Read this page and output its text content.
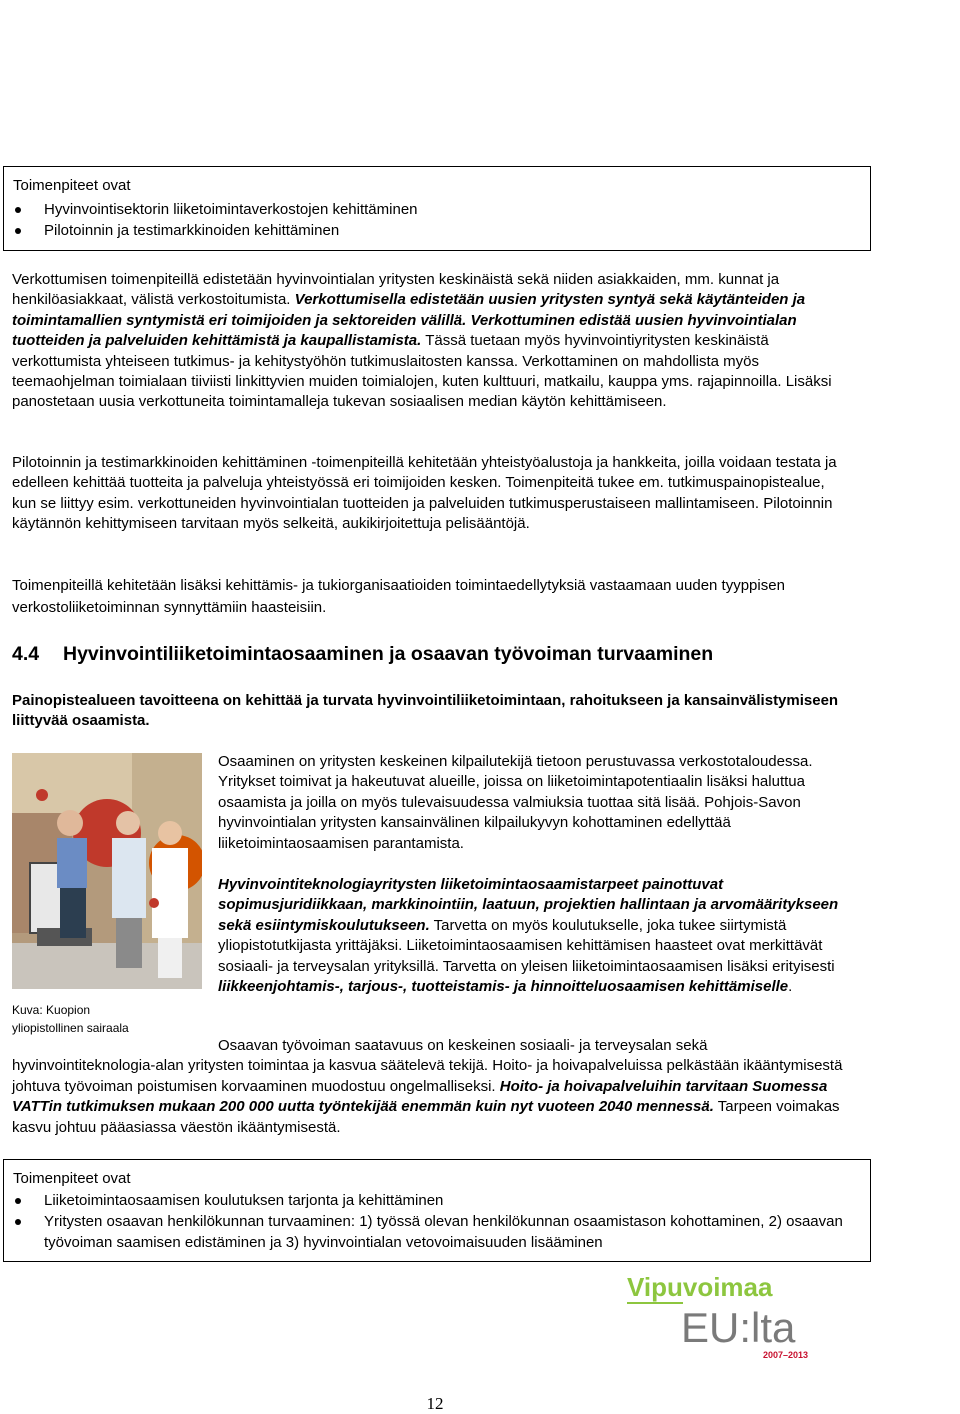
Toimenpiteet ovat
Hyvinvointisektorin liiketoimintaverkostojen kehittäminen
Pilotoinnin ja testimarkkinoiden kehittäminen
Verkottumisen toimenpiteillä edistetään hyvinvointialan yritysten keskinäistä sekä niiden asiakkaiden, mm. kunnat ja henkilöasiakkaat, välistä verkostoitumista. Verkottumisella edistetään uusien yritysten syntyä sekä käytänteiden ja toimintamallien syntymistä eri toimijoiden ja sektoreiden välillä. Verkottuminen edistää uusien hyvinvointialan tuotteiden ja palveluiden kehittämistä ja kaupallistamista. Tässä tuetaan myös hyvinvointiyritysten keskinäistä verkottumista yhteiseen tutkimus- ja kehitystyöhön tutkimuslaitosten kanssa. Verkottaminen on mahdollista myös teemaohjelman toimialaan tiiviisti linkittyvien muiden toimialojen, kuten kulttuuri, matkailu, kauppa yms. rajapinnoilla. Lisäksi panostetaan uusia verkottuneita toimintamalleja tukevan sosiaalisen median käytön kehittämiseen.
Pilotoinnin ja testimarkkinoiden kehittäminen -toimenpiteillä kehitetään yhteistyöalustoja ja hankkeita, joilla voidaan testata ja edelleen kehittää tuotteita ja palveluja yhteistyössä eri toimijoiden kesken. Toimenpiteitä tukee em. tutkimuspainopistealue, kun se liittyy esim. verkottuneiden hyvinvointialan tuotteiden ja palveluiden tutkimusperustaiseen mallintamiseen. Pilotoinnin käytännön kehittymiseen tarvitaan myös selkeitä, aukikirjoitettuja pelisääntöjä.
Toimenpiteillä kehitetään lisäksi kehittämis- ja tukiorganisaatioiden toimintaedellytyksiä vastaamaan uuden tyyppisen verkostoliiketoiminnan synnyttämiin haasteisiin.
4.4 Hyvinvointiliiketoimintaosaaminen ja osaavan työvoiman turvaaminen
Painopistealueen tavoitteena on kehittää ja turvata hyvinvointiliiketoimintaan, rahoitukseen ja kansainvälistymiseen liittyvää osaamista.
Kuva: Kuopion
yliopistollinen sairaala
Osaaminen on yritysten keskeinen kilpailutekijä tietoon perustuvassa verkostotaloudessa. Yritykset toimivat ja hakeutuvat alueille, joissa on liiketoimintapotentiaalin lisäksi haluttua osaamista ja joilla on myös tulevaisuudessa valmiuksia tuottaa sitä lisää. Pohjois-Savon hyvinvointialan yritysten kansainvälinen kilpailukyvyn kohottaminen edellyttää liiketoimintaosaamisen parantamista.
Hyvinvointiteknologiayritysten liiketoimintaosaamistarpeet painottuvat sopimusjuridiikkaan, markkinointiin, laatuun, projektien hallintaan ja arvomääritykseen sekä esiintymiskoulutukseen. Tarvetta on myös koulutukselle, joka tukee siirtymistä yliopistotutkijasta yrittäjäksi. Liiketoimintaosaamisen kehittämisen haasteet ovat merkittävät sosiaali- ja terveysalan yrityksillä. Tarvetta on yleisen liiketoimintaosaamisen lisäksi erityisesti liikkeenjohtamis-, tarjous-, tuotteistamis- ja hinnoitteluosaamisen kehittämiselle.
Osaavan työvoiman saatavuus on keskeinen sosiaali- ja terveysalan sekä hyvinvointiteknologia-alan yritysten toimintaa ja kasvua säätelevä tekijä. Hoito- ja hoivapalveluissa pelkästään ikääntymisestä johtuva työvoiman poistumisen korvaaminen muodostuu ongelmalliseksi. Hoito- ja hoivapalveluihin tarvitaan Suomessa VATTin tutkimuksen mukaan 200 000 uutta työntekijää enemmän kuin nyt vuoteen 2040 mennessä. Tarpeen voimakas kasvu johtuu pääasiassa väestön ikääntymisestä.
Toimenpiteet ovat
Liiketoimintaosaamisen koulutuksen tarjonta ja kehittäminen
Yritysten osaavan henkilökunnan turvaaminen: 1) työssä olevan henkilökunnan osaamistason kohottaminen, 2) osaavan työvoiman saamisen edistäminen ja 3) hyvinvointialan vetovoimaisuuden lisääminen
Vipuvoimaa
EU:lta
2007–2013
12
